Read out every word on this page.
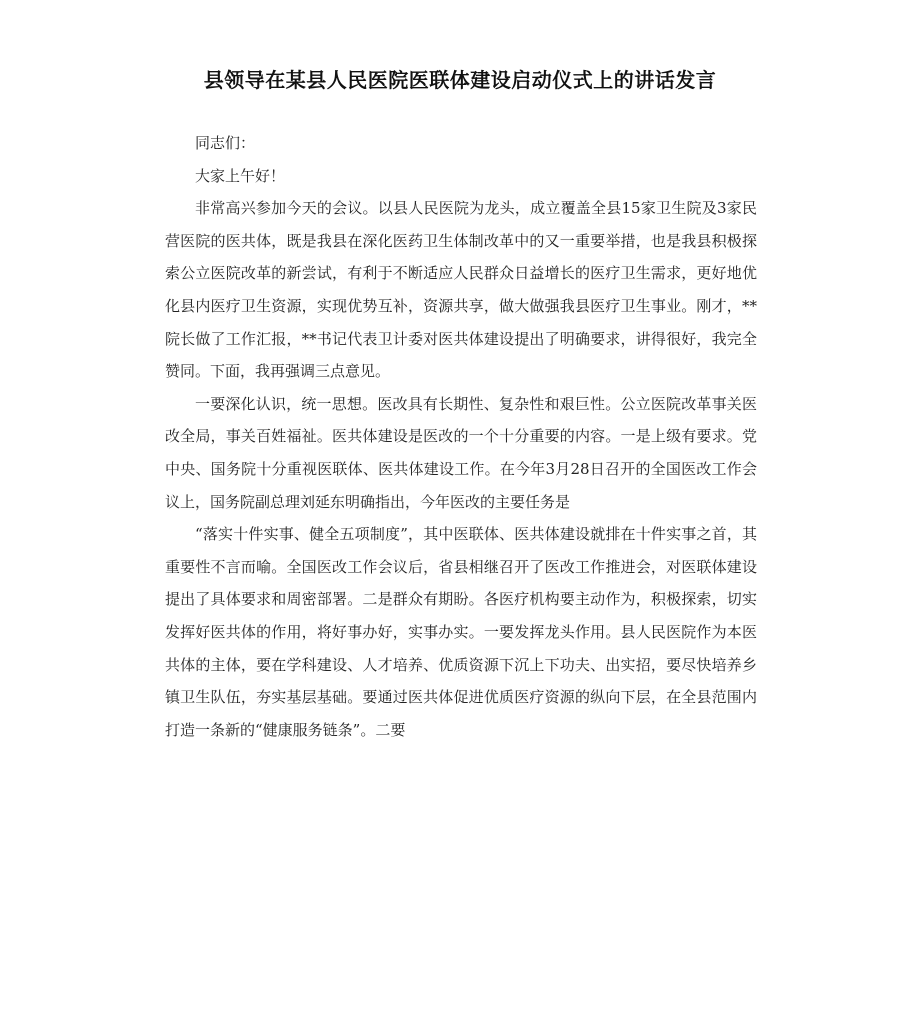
县领导在某县人民医院医联体建设启动仪式上的讲话发言

同志们：

大家上午好！

非常高兴参加今天的会议。以县人民医院为龙头，成立覆盖全县15家卫生院及3家民营医院的医共体，既是我县在深化医药卫生体制改革中的又一重要举措，也是我县积极探索公立医院改革的新尝试，有利于不断适应人民群众日益增长的医疗卫生需求，更好地优化县内医疗卫生资源，实现优势互补，资源共享，做大做强我县医疗卫生事业。刚才，**院长做了工作汇报，**书记代表卫计委对医共体建设提出了明确要求，讲得很好，我完全赞同。下面，我再强调三点意见。

一要深化认识，统一思想。医改具有长期性、复杂性和艰巨性。公立医院改革事关医改全局，事关百姓福祉。医共体建设是医改的一个十分重要的内容。一是上级有要求。党中央、国务院十分重视医联体、医共体建设工作。在今年3月28日召开的全国医改工作会议上，国务院副总理刘延东明确指出，今年医改的主要任务是

“落实十件实事、健全五项制度”，其中医联体、医共体建设就排在十件实事之首，其重要性不言而喻。全国医改工作会议后，省县相继召开了医改工作推进会，对医联体建设提出了具体要求和周密部署。二是群众有期盼。各医疗机构要主动作为，积极探索，切实发挥好医共体的作用，将好事办好，实事办实。一要发挥龙头作用。县人民医院作为本医共体的主体，要在学科建设、人才培养、优质资源下沉上下功夫、出实招，要尽快培养乡镇卫生队伍，夯实基层基础。要通过医共体促进优质医疗资源的纵向下层，在全县范围内打造一条新的“健康服务链条”。二要
